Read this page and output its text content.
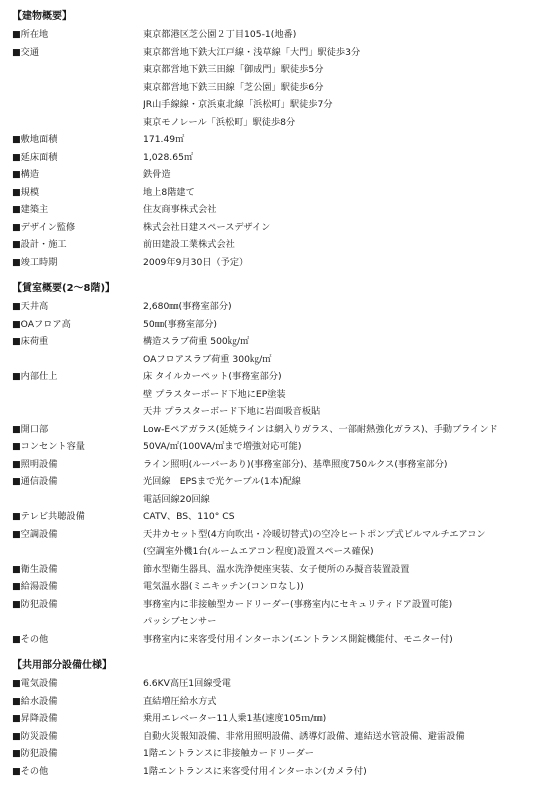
【建物概要】
■所在地	東京都港区芝公園２丁目105-1(地番)
■交通	東京都営地下鉄大江戸線・浅草線「大門」駅徒歩3分
東京都営地下鉄三田線「御成門」駅徒歩5分
東京都営地下鉄三田線「芝公園」駅徒歩6分
JR山手線線・京浜東北線「浜松町」駅徒歩7分
東京モノレール「浜松町」駅徒歩8分
■敷地面積	171.49㎡
■延床面積	1,028.65㎡
■構造	鉄骨造
■規模	地上8階建て
■建築主	住友商事株式会社
■デザイン監修	株式会社日建スペースデザイン
■設計・施工	前田建設工業株式会社
■竣工時期	2009年9月30日（予定）
【賃室概要(2～8階)】
■天井高	2,680㎜(事務室部分)
■OAフロア高	50㎜(事務室部分)
■床荷重	構造スラブ荷重 500㎏/㎡
OAフロアスラブ荷重 300㎏/㎡
■内部仕上	床 タイルカーペット(事務室部分)
壁 プラスターボード下地にEP塗装
天井 プラスターボード下地に岩面吸音板貼
■開口部	Low-Eペアガラス(延焼ラインは網入りガラス、一部耐熱強化ガラス)、手動ブラインド
■コンセント容量	50VA/㎡(100VA/㎡まで増強対応可能)
■照明設備	ライン照明(ルーバーあり)(事務室部分)、基準照度750ルクス(事務室部分)
■通信設備	光回線　EPSまで光ケーブル(1本)配線
電話回線20回線
■テレビ共聴設備	CATV、BS、110° CS
■空調設備	天井カセット型(4方向吹出・冷暖切替式)の空冷ヒートポンプ式ビルマルチエアコン
(空調室外機1台(ルームエアコン程度)設置スペース確保)
■衛生設備	節水型衛生器具、温水洗浄便座実装、女子便所のみ擬音装置設置
■給湯設備	電気温水器(ミニキッチン(コンロなし))
■防犯設備	事務室内に非接触型カードリーダー(事務室内にセキュリティドア設置可能)
パッシブセンサー
■その他	事務室内に来客受付用インターホン(エントランス開錠機能付、モニター付)
【共用部分設備仕様】
■電気設備	6.6KV高圧1回線受電
■給水設備	直結増圧給水方式
■昇降設備	乗用エレベーター11人乗1基(速度105ｍ/㎜)
■防災設備	自動火災報知設備、非常用照明設備、誘導灯設備、連結送水管設備、避雷設備
■防犯設備	1階エントランスに非接触カードリーダー
■その他	1階エントランスに来客受付用インターホン(カメラ付)
